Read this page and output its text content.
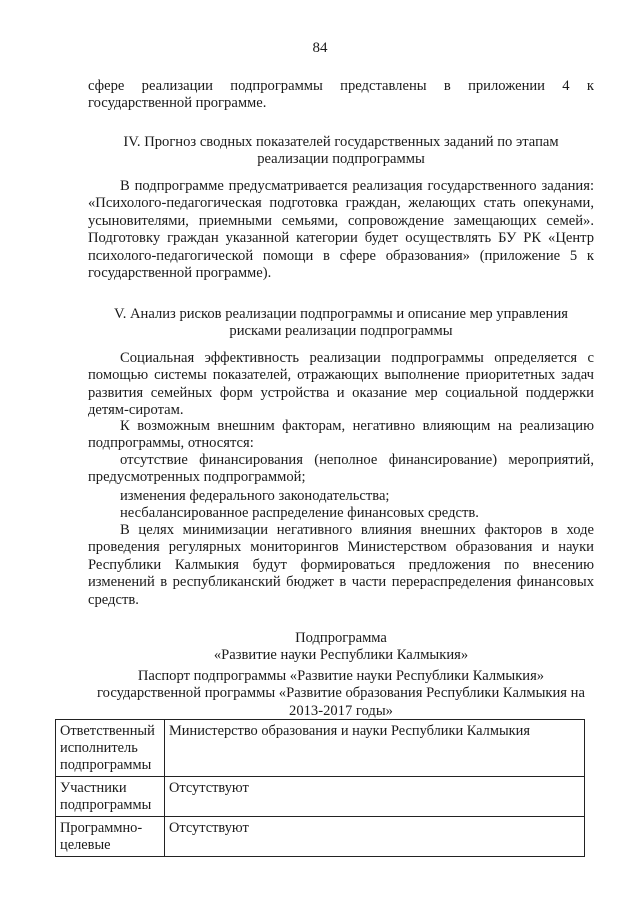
84
сфере реализации подпрограммы представлены в приложении 4 к государственной программе.
IV. Прогноз сводных показателей государственных заданий по этапам
реализации подпрограммы
В подпрограмме предусматривается реализация государственного задания: «Психолого-педагогическая подготовка граждан, желающих стать опекунами, усыновителями, приемными семьями, сопровождение замещающих семей». Подготовку граждан указанной категории будет осуществлять БУ РК «Центр психолого-педагогической помощи в сфере образования» (приложение 5 к государственной программе).
V. Анализ рисков реализации подпрограммы и описание мер управления
рисками реализации подпрограммы
Социальная эффективность реализации подпрограммы определяется с помощью системы показателей, отражающих выполнение приоритетных задач развития семейных форм устройства и оказание мер социальной поддержки детям-сиротам.
К возможным внешним факторам, негативно влияющим на реализацию подпрограммы, относятся:
отсутствие финансирования (неполное финансирование) мероприятий, предусмотренных подпрограммой;
изменения федерального законодательства;
несбалансированное распределение финансовых средств.
В целях минимизации негативного влияния внешних факторов в ходе проведения регулярных мониторингов Министерством образования и науки Республики Калмыкия будут формироваться предложения по внесению изменений в республиканский бюджет в части перераспределения финансовых средств.
Подпрограмма
«Развитие науки Республики Калмыкия»
Паспорт подпрограммы «Развитие науки Республики Калмыкия»
государственной программы «Развитие образования Республики Калмыкия на
2013-2017 годы»
Ответственный исполнитель подпрограммы	Министерство образования и науки Республики Калмыкия
Участники подпрограммы	Отсутствуют
Программно-целевые	Отсутствуют
